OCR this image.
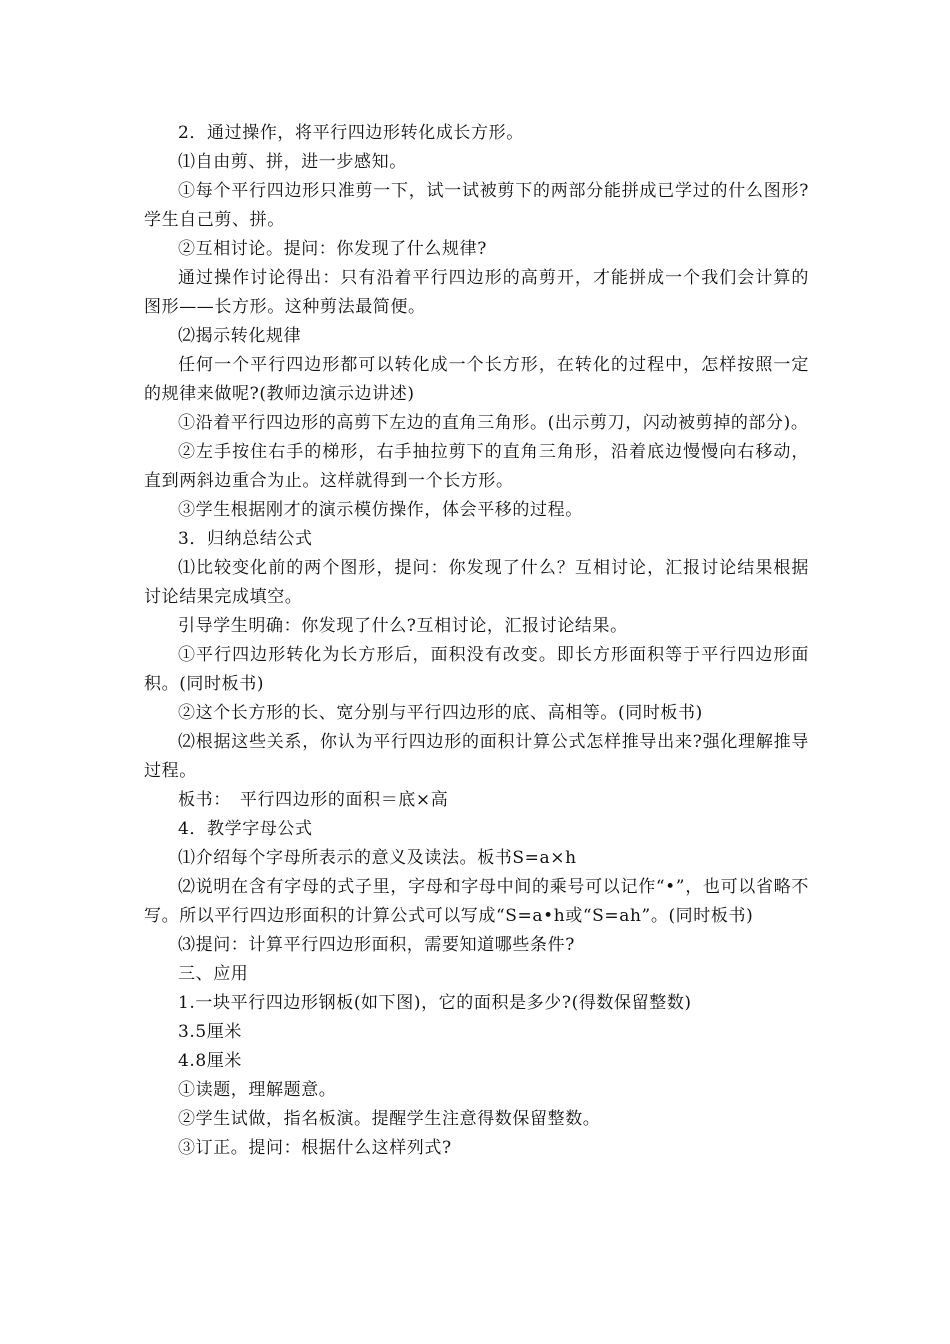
2．通过操作，将平行四边形转化成长方形。

⑴自由剪、拼，进一步感知。

①每个平行四边形只准剪一下，试一试被剪下的两部分能拼成已学过的什么图形?学生自己剪、拼。

②互相讨论。提问：你发现了什么规律?

通过操作讨论得出：只有沿着平行四边形的高剪开，才能拼成一个我们会计算的图形——长方形。这种剪法最简便。

⑵揭示转化规律

任何一个平行四边形都可以转化成一个长方形，在转化的过程中，怎样按照一定的规律来做呢?(教师边演示边讲述)

①沿着平行四边形的高剪下左边的直角三角形。(出示剪刀，闪动被剪掉的部分)。

②左手按住右手的梯形，右手抽拉剪下的直角三角形，沿着底边慢慢向右移动，直到两斜边重合为止。这样就得到一个长方形。

③学生根据刚才的演示模仿操作，体会平移的过程。

3．归纳总结公式

⑴比较变化前的两个图形，提问：你发现了什么？互相讨论，汇报讨论结果根据讨论结果完成填空。

引导学生明确：你发现了什么?互相讨论，汇报讨论结果。

①平行四边形转化为长方形后，面积没有改变。即长方形面积等于平行四边形面积。(同时板书)

②这个长方形的长、宽分别与平行四边形的底、高相等。(同时板书)

⑵根据这些关系，你认为平行四边形的面积计算公式怎样推导出来?强化理解推导过程。

板书：　平行四边形的面积＝底×高

4．教学字母公式

⑴介绍每个字母所表示的意义及读法。板书S=a×h

⑵说明在含有字母的式子里，字母和字母中间的乘号可以记作“•”，也可以省略不写。所以平行四边形面积的计算公式可以写成“S=a•h或“S=ah”。(同时板书)

⑶提问：计算平行四边形面积，需要知道哪些条件?

三、应用

1.一块平行四边形钢板(如下图)，它的面积是多少?(得数保留整数)

3.5厘米

4.8厘米

①读题，理解题意。

②学生试做，指名板演。提醒学生注意得数保留整数。

③订正。提问：根据什么这样列式?
